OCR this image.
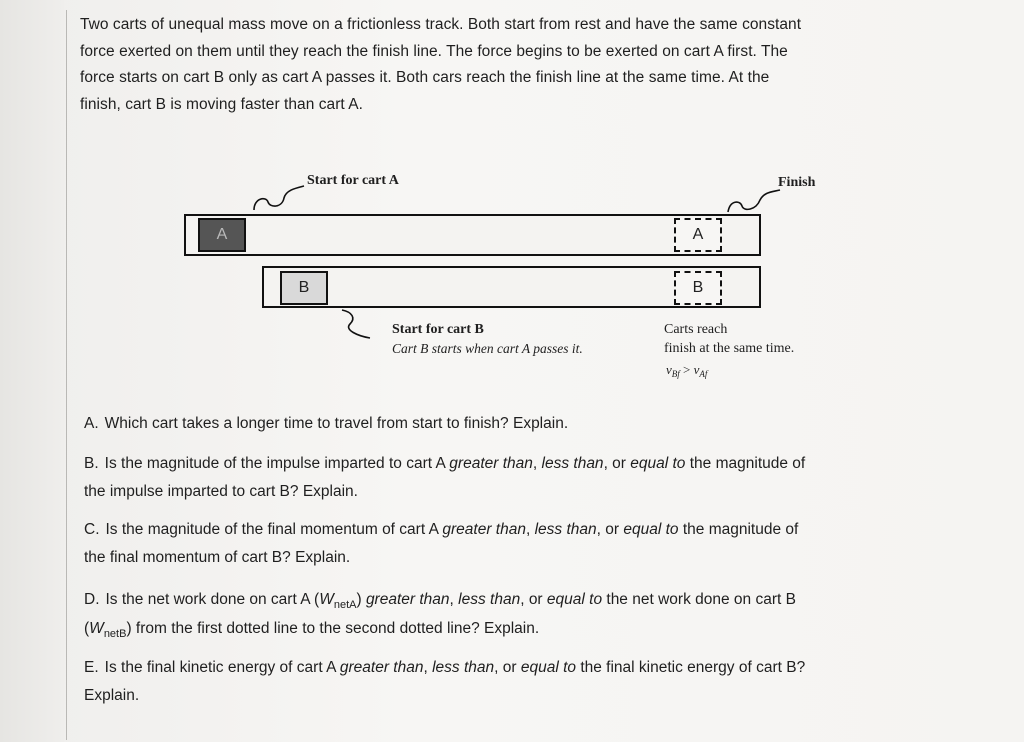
Two carts of unequal mass move on a frictionless track. Both start from rest and have the same constant
force exerted on them until they reach the finish line. The force begins to be exerted on cart A first. The
force starts on cart B only as cart A passes it. Both cars reach the finish line at the same time. At the
finish, cart B is moving faster than cart A.
Start for cart A	Finish
A	A
B	B
Start for cart B
Cart B starts when cart A passes it.
Carts reach
finish at the same time.
$v_{Bf} > v_{Af}$
A. Which cart takes a longer time to travel from start to finish? Explain.
B. Is the magnitude of the impulse imparted to cart A greater than, less than, or equal to the magnitude of
the impulse imparted to cart B? Explain.
C. Is the magnitude of the final momentum of cart A greater than, less than, or equal to the magnitude of
the final momentum of cart B? Explain.
D. Is the net work done on cart A $(W_{netA})$ greater than, less than, or equal to the net work done on cart B
$(W_{netB})$ from the first dotted line to the second dotted line? Explain.
E. Is the final kinetic energy of cart A greater than, less than, or equal to the final kinetic energy of cart B?
Explain.
